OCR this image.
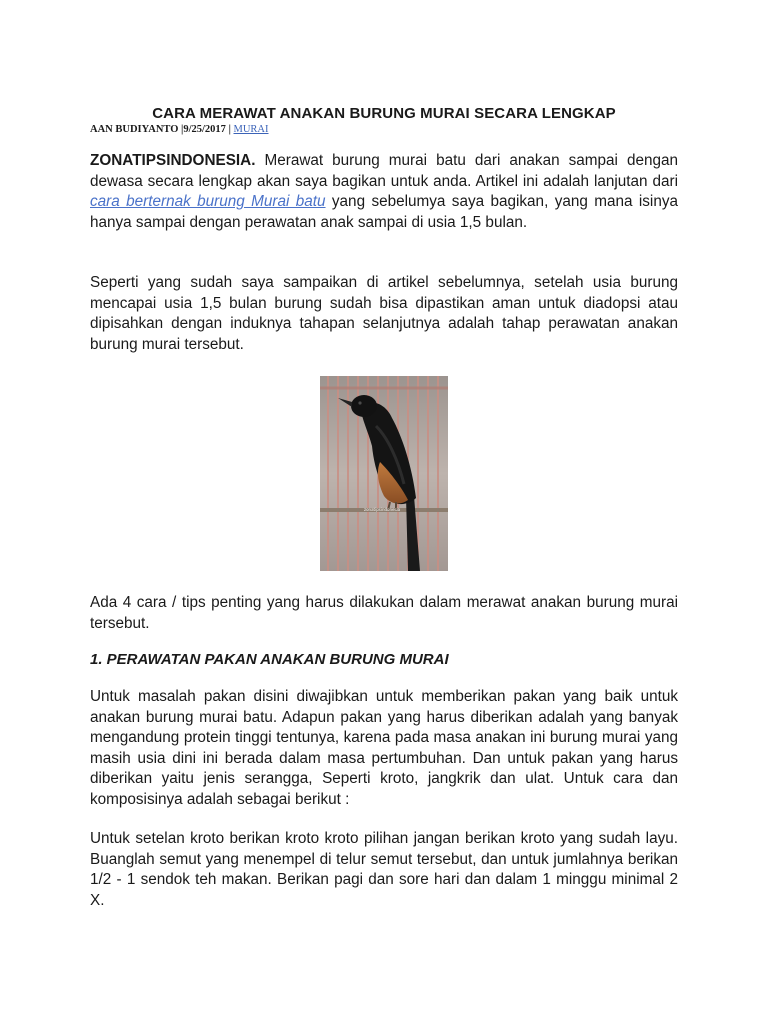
CARA MERAWAT ANAKAN BURUNG MURAI SECARA LENGKAP
AAN BUDIYANTO |9/25/2017 | MURAI

ZONATIPSINDONESIA. Merawat burung murai batu dari anakan sampai dengan dewasa secara lengkap akan saya bagikan untuk anda. Artikel ini adalah lanjutan dari cara berternak burung Murai batu yang sebelumya saya bagikan, yang mana isinya hanya sampai dengan perawatan anak sampai di usia 1,5 bulan.

Seperti yang sudah saya sampaikan di artikel sebelumnya, setelah usia burung mencapai usia 1,5 bulan burung sudah bisa dipastikan aman untuk diadopsi atau dipisahkan dengan induknya tahapan selanjutnya adalah tahap perawatan anakan burung murai tersebut.

zonatipsindonesia

Ada 4 cara / tips penting yang harus dilakukan dalam merawat anakan burung murai tersebut.

1. PERAWATAN PAKAN ANAKAN BURUNG MURAI

Untuk masalah pakan disini diwajibkan untuk memberikan pakan yang baik untuk anakan burung murai batu. Adapun pakan yang harus diberikan adalah yang banyak mengandung protein tinggi tentunya, karena pada masa anakan ini burung murai yang masih usia dini ini berada dalam masa pertumbuhan. Dan untuk pakan yang harus diberikan yaitu jenis serangga, Seperti kroto, jangkrik dan ulat. Untuk cara dan komposisinya adalah sebagai berikut :

Untuk setelan kroto berikan kroto kroto pilihan jangan berikan kroto yang sudah layu. Buanglah semut yang menempel di telur semut tersebut, dan untuk jumlahnya berikan 1/2 - 1 sendok teh makan. Berikan pagi dan sore hari dan dalam 1 minggu minimal 2 X.
